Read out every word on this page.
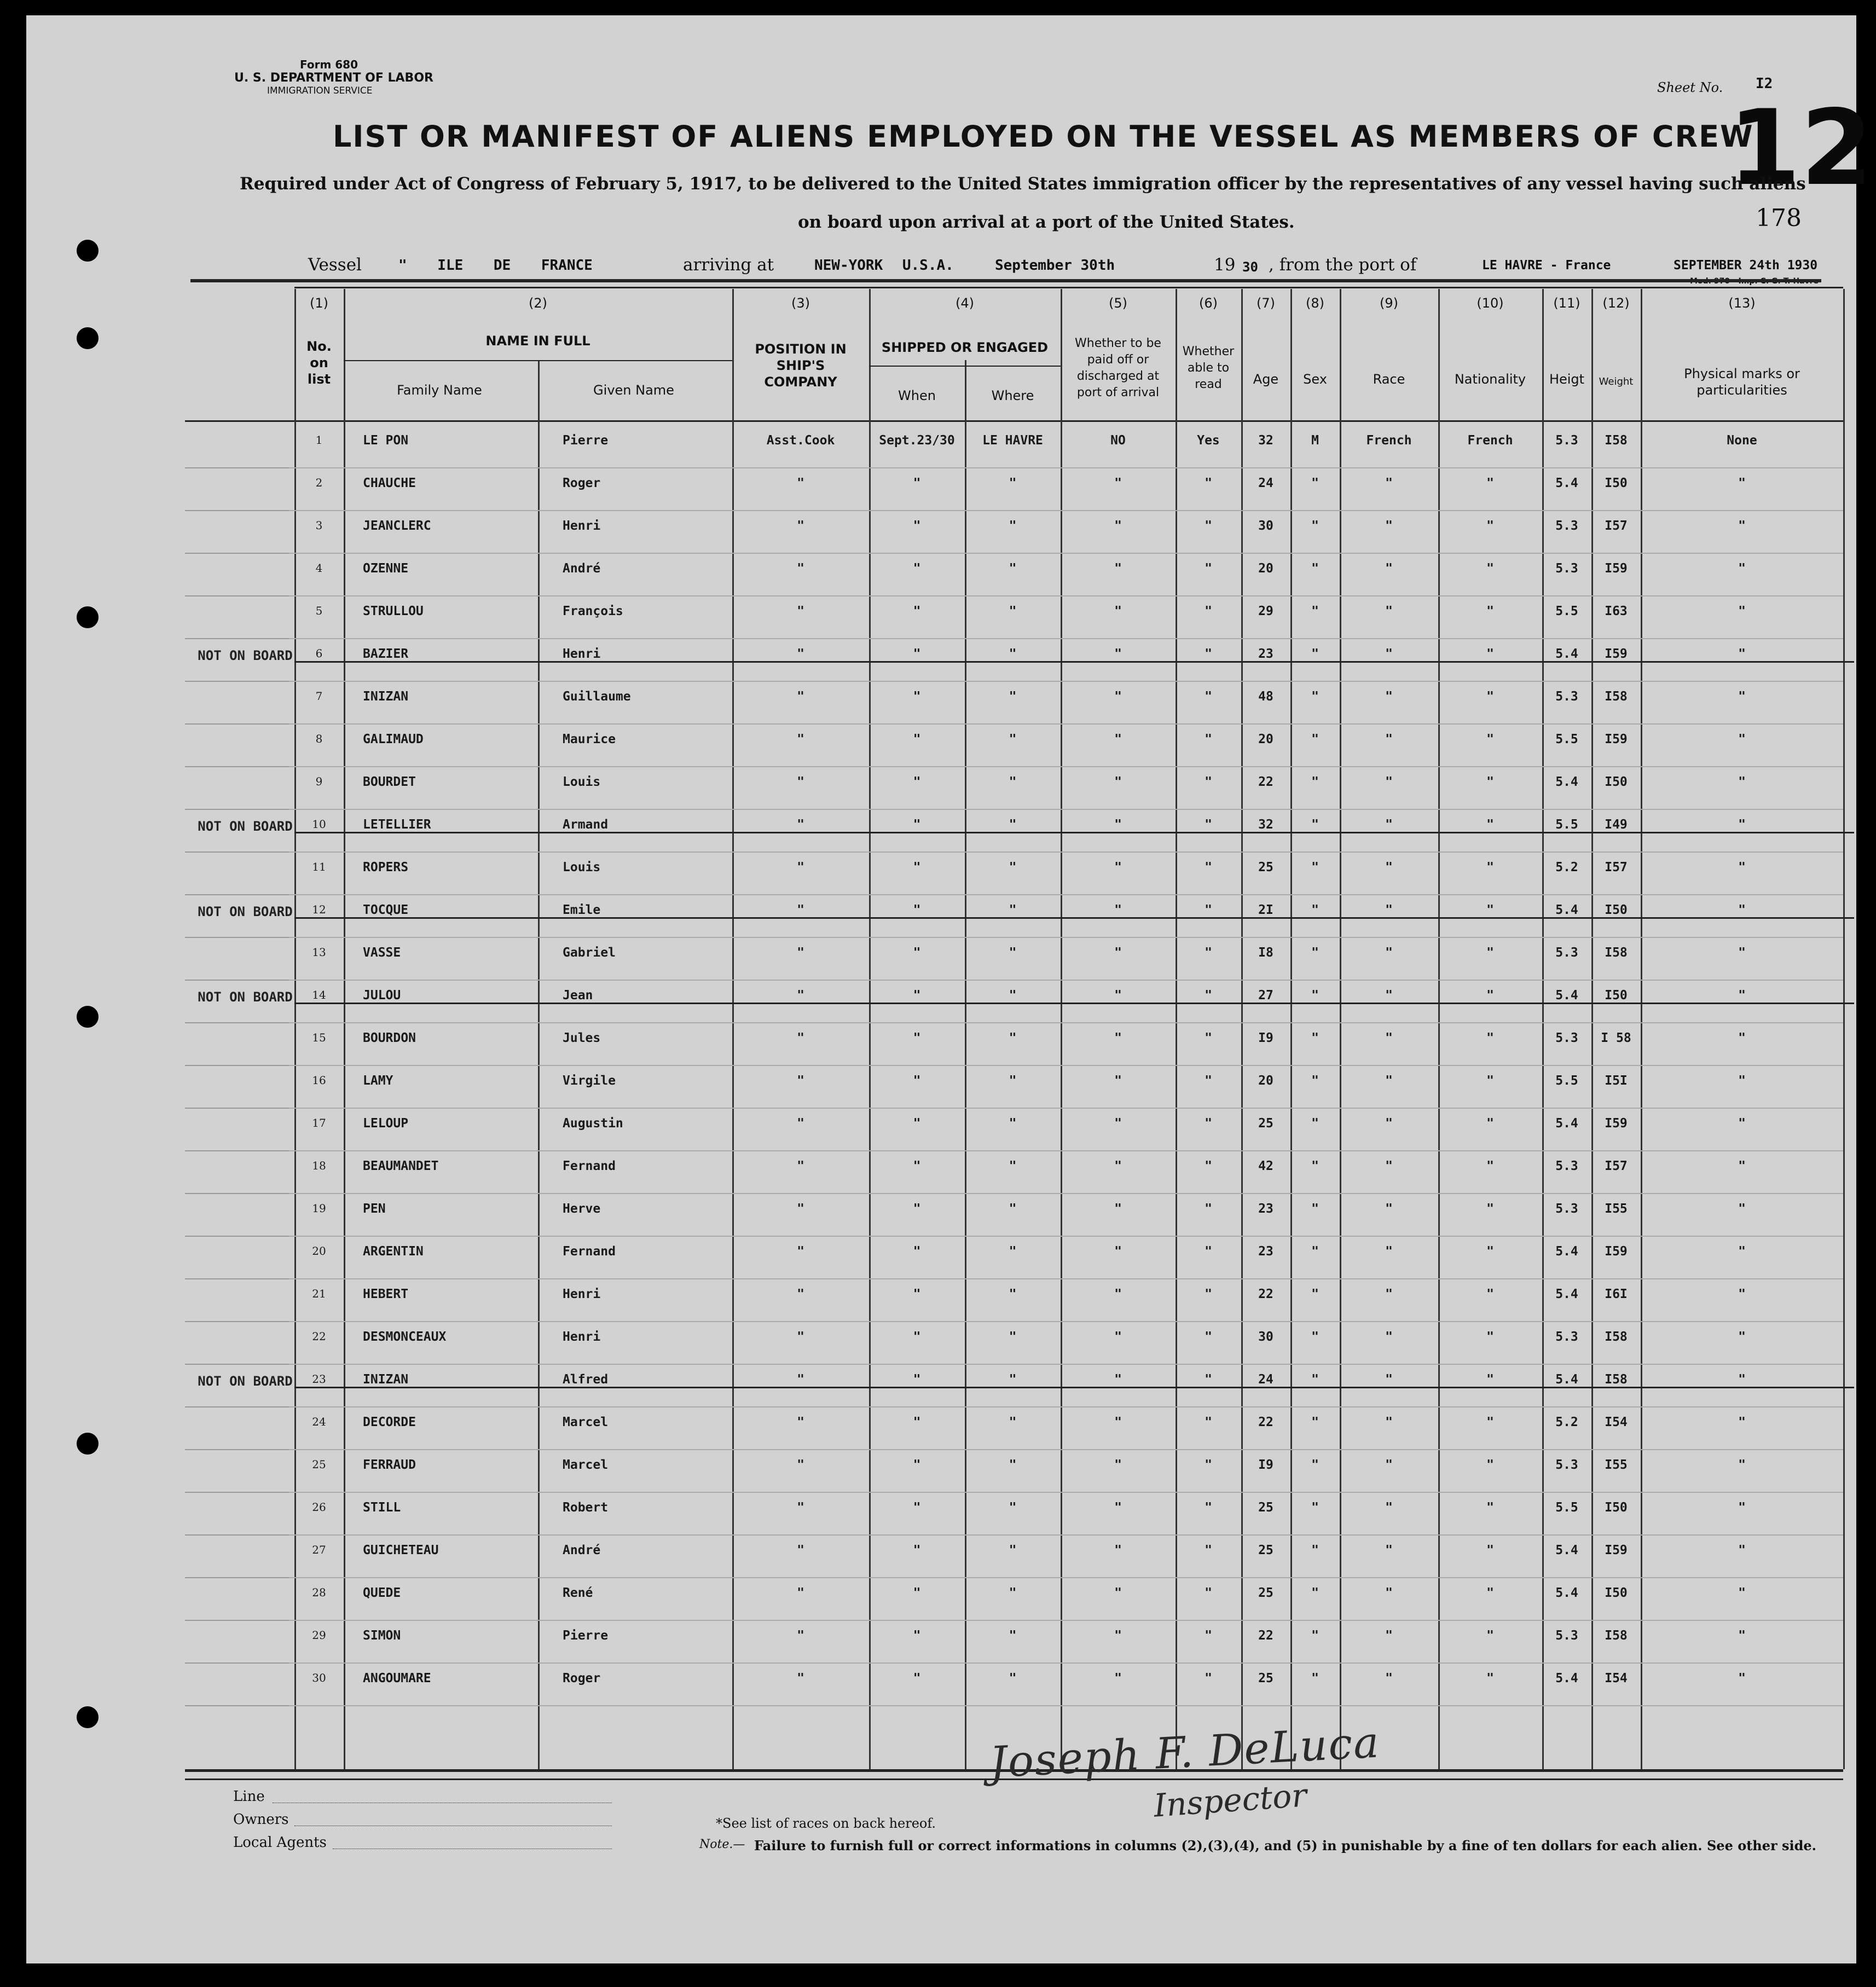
Form 680
U. S. DEPARTMENT OF LABOR
IMMIGRATION SERVICE	Sheet No. I2
12
178
LIST OR MANIFEST OF ALIENS EMPLOYED ON THE VESSEL AS MEMBERS OF CREW
Required under Act of Congress of February 5, 1917, to be delivered to the United States immigration officer by the representatives of any vessel having such aliens
on board upon arrival at a port of the United States.
Vessel	" ILE DE FRANCE	arriving at	NEW-YORK U.S.A.	September 30th	19 30 , from the port of	LE HAVRE - France	SEPTEMBER 24th 1930
Mod. 970 - Imp. C. G. T. Havre
(1)
No. on list
(2)
NAME IN FULL
Family Name	Given Name
(3)
POSITION IN SHIP'S COMPANY
(4)
SHIPPED OR ENGAGED
When	Where
(5)
Whether to be paid off or discharged at port of arrival
(6)
Whether able to read
(7)
Age
(8)
Sex
(9)
Race
(10)
Nationality
(11)
Heigt
(12)
Weight
(13)
Physical marks or particularities
1	LE PON	Pierre	Asst.Cook	Sept.23/30	LE HAVRE	NO	Yes	32	M	French	French	5.3	I58	None
2	CHAUCHE	Roger	"	"	"	"	"	24	"	"	"	5.4	I50	"
3	JEANCLERC	Henri	"	"	"	"	"	30	"	"	"	5.3	I57	"
4	OZENNE	André	"	"	"	"	"	20	"	"	"	5.3	I59	"
5	STRULLOU	François	"	"	"	"	"	29	"	"	"	5.5	I63	"
6	BAZIER	Henri	"	"	"	"	"	23	"	"	"	5.4	I59	"
7	INIZAN	Guillaume	"	"	"	"	"	48	"	"	"	5.3	I58	"
8	GALIMAUD	Maurice	"	"	"	"	"	20	"	"	"	5.5	I59	"
9	BOURDET	Louis	"	"	"	"	"	22	"	"	"	5.4	I50	"
10	LETELLIER	Armand	"	"	"	"	"	32	"	"	"	5.5	I49	"
11	ROPERS	Louis	"	"	"	"	"	25	"	"	"	5.2	I57	"
12	TOCQUE	Emile	"	"	"	"	"	2I	"	"	"	5.4	I50	"
13	VASSE	Gabriel	"	"	"	"	"	I8	"	"	"	5.3	I58	"
14	JULOU	Jean	"	"	"	"	"	27	"	"	"	5.4	I50	"
15	BOURDON	Jules	"	"	"	"	"	I9	"	"	"	5.3	I 58	"
16	LAMY	Virgile	"	"	"	"	"	20	"	"	"	5.5	I5I	"
17	LELOUP	Augustin	"	"	"	"	"	25	"	"	"	5.4	I59	"
18	BEAUMANDET	Fernand	"	"	"	"	"	42	"	"	"	5.3	I57	"
19	PEN	Herve	"	"	"	"	"	23	"	"	"	5.3	I55	"
20	ARGENTIN	Fernand	"	"	"	"	"	23	"	"	"	5.4	I59	"
21	HEBERT	Henri	"	"	"	"	"	22	"	"	"	5.4	I6I	"
22	DESMONCEAUX	Henri	"	"	"	"	"	30	"	"	"	5.3	I58	"
23	INIZAN	Alfred	"	"	"	"	"	24	"	"	"	5.4	I58	"
24	DECORDE	Marcel	"	"	"	"	"	22	"	"	"	5.2	I54	"
25	FERRAUD	Marcel	"	"	"	"	"	I9	"	"	"	5.3	I55	"
26	STILL	Robert	"	"	"	"	"	25	"	"	"	5.5	I50	"
27	GUICHETEAU	André	"	"	"	"	"	25	"	"	"	5.4	I59	"
28	QUEDE	René	"	"	"	"	"	25	"	"	"	5.4	I50	"
29	SIMON	Pierre	"	"	"	"	"	22	"	"	"	5.3	I58	"
30	ANGOUMARE	Roger	"	"	"	"	"	25	"	"	"	5.4	I54	"
Line
Owners
Local Agents
*See list of races on back hereof.
Note.— Failure to furnish full or correct informations in columns (2),(3),(4), and (5) in punishable by a fine of ten dollars for each alien. See other side.
Joseph F. DeLuca
Inspector
NOT ON BOARD
NOT ON BOARD
NOT ON BOARD
NOT ON BOARD
NOT ON BOARD
